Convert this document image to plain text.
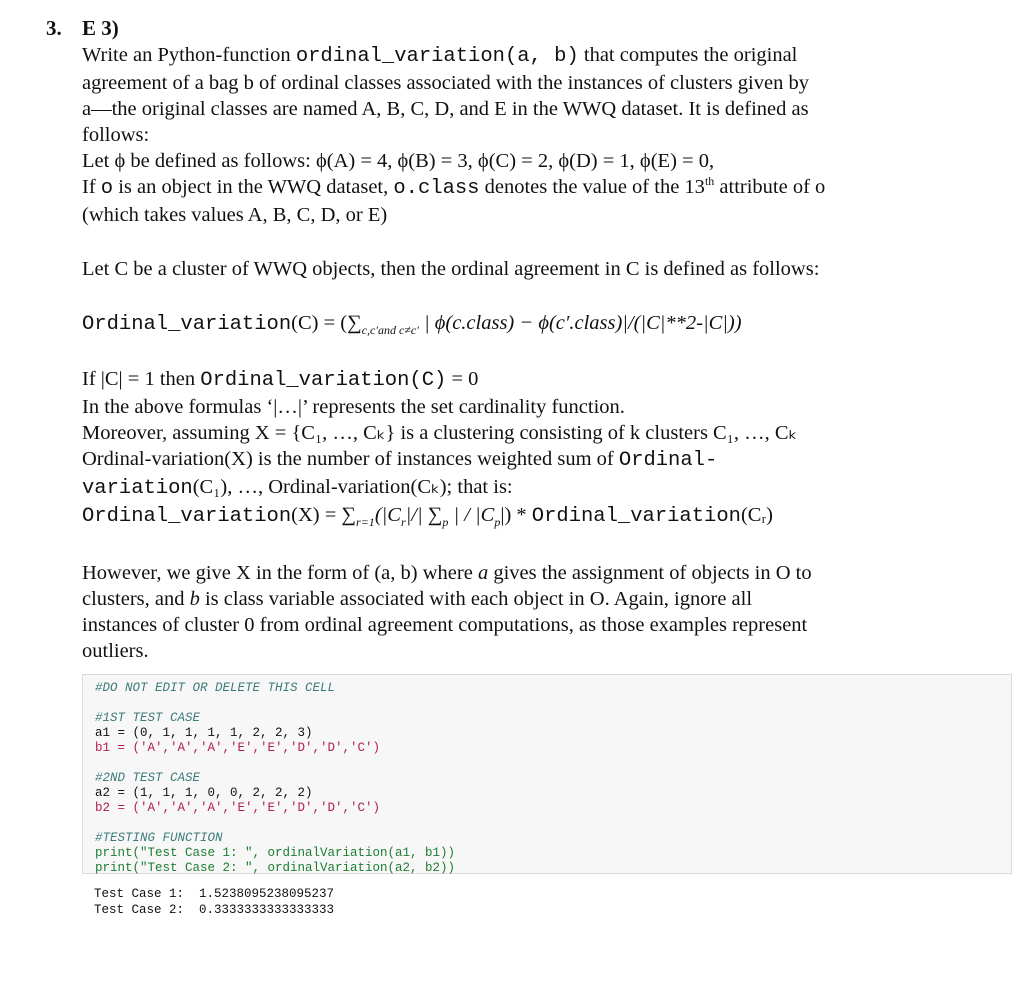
3. E 3)
Write an Python-function ordinal_variation(a, b) that computes the original
agreement of a bag b of ordinal classes associated with the instances of clusters given by
a—the original classes are named A, B, C, D, and E in the WWQ dataset. It is defined as
follows:
Let ϕ be defined as follows: ϕ(A) = 4, ϕ(B) = 3, ϕ(C) = 2, ϕ(D) = 1, ϕ(E) = 0,
If o is an object in the WWQ dataset, o.class denotes the value of the 13th attribute of o
(which takes values A, B, C, D, or E)
Let C be a cluster of WWQ objects, then the ordinal agreement in C is defined as follows:
Ordinal_variation(C) = ($\sum_{c,c'and c\ne c'}$ | ϕ(c.class) − ϕ(c′.class)|/(|C|**2-|C|))
If |C| = 1 then Ordinal_variation(C) = 0
In the above formulas ‘|…|’ represents the set cardinality function.
Moreover, assuming X = {C₁, …, Cₖ} is a clustering consisting of k clusters C₁, …, Cₖ
Ordinal-variation(X) is the number of instances weighted sum of Ordinal-
variation(C₁), …, Ordinal-variation(Cₖ); that is:
Ordinal_variation(X) = $\sum_{r=1}(|C_r|/|$ $\sum_p$ | / $|C_p|$) * Ordinal_variation(Cᵣ)
However, we give X in the form of (a, b) where a gives the assignment of objects in O to
clusters, and b is class variable associated with each object in O. Again, ignore all
instances of cluster 0 from ordinal agreement computations, as those examples represent
outliers.
#DO NOT EDIT OR DELETE THIS CELL

#1ST TEST CASE
a1 = (0, 1, 1, 1, 1, 2, 2, 3)
b1 = ('A','A','A','E','E','D','D','C')

#2ND TEST CASE
a2 = (1, 1, 1, 0, 0, 2, 2, 2)
b2 = ('A','A','A','E','E','D','D','C')

#TESTING FUNCTION
print("Test Case 1: ", ordinalVariation(a1, b1))
print("Test Case 2: ", ordinalVariation(a2, b2))
Test Case 1: 1.5238095238095237
Test Case 2: 0.3333333333333333
